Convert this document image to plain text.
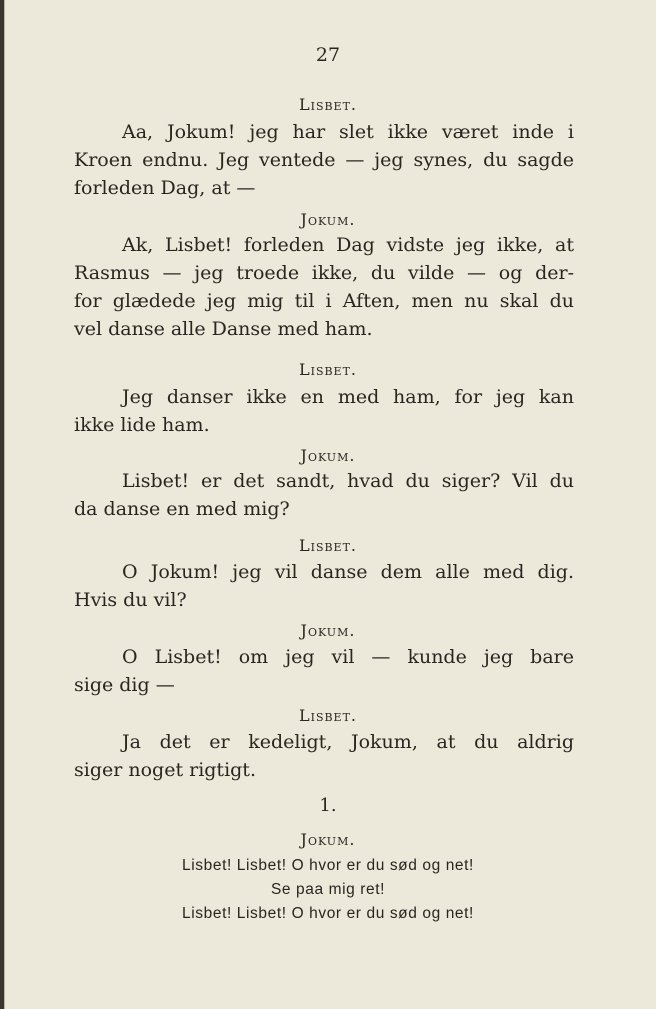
27
Lisbet.
Aa, Jokum! jeg har slet ikke været inde i
Kroen endnu. Jeg ventede — jeg synes, du sagde
forleden Dag, at —
Jokum.
Ak, Lisbet! forleden Dag vidste jeg ikke, at
Rasmus — jeg troede ikke, du vilde — og der-
for glædede jeg mig til i Aften, men nu skal du
vel danse alle Danse med ham.
Lisbet.
Jeg danser ikke en med ham, for jeg kan
ikke lide ham.
Jokum.
Lisbet! er det sandt, hvad du siger? Vil du
da danse en med mig?
Lisbet.
O Jokum! jeg vil danse dem alle med dig.
Hvis du vil?
Jokum.
O Lisbet! om jeg vil — kunde jeg bare
sige dig —
Lisbet.
Ja det er kedeligt, Jokum, at du aldrig
siger noget rigtigt.
1.
Jokum.
Lisbet! Lisbet! O hvor er du sød og net!
Se paa mig ret!
Lisbet! Lisbet! O hvor er du sød og net!
